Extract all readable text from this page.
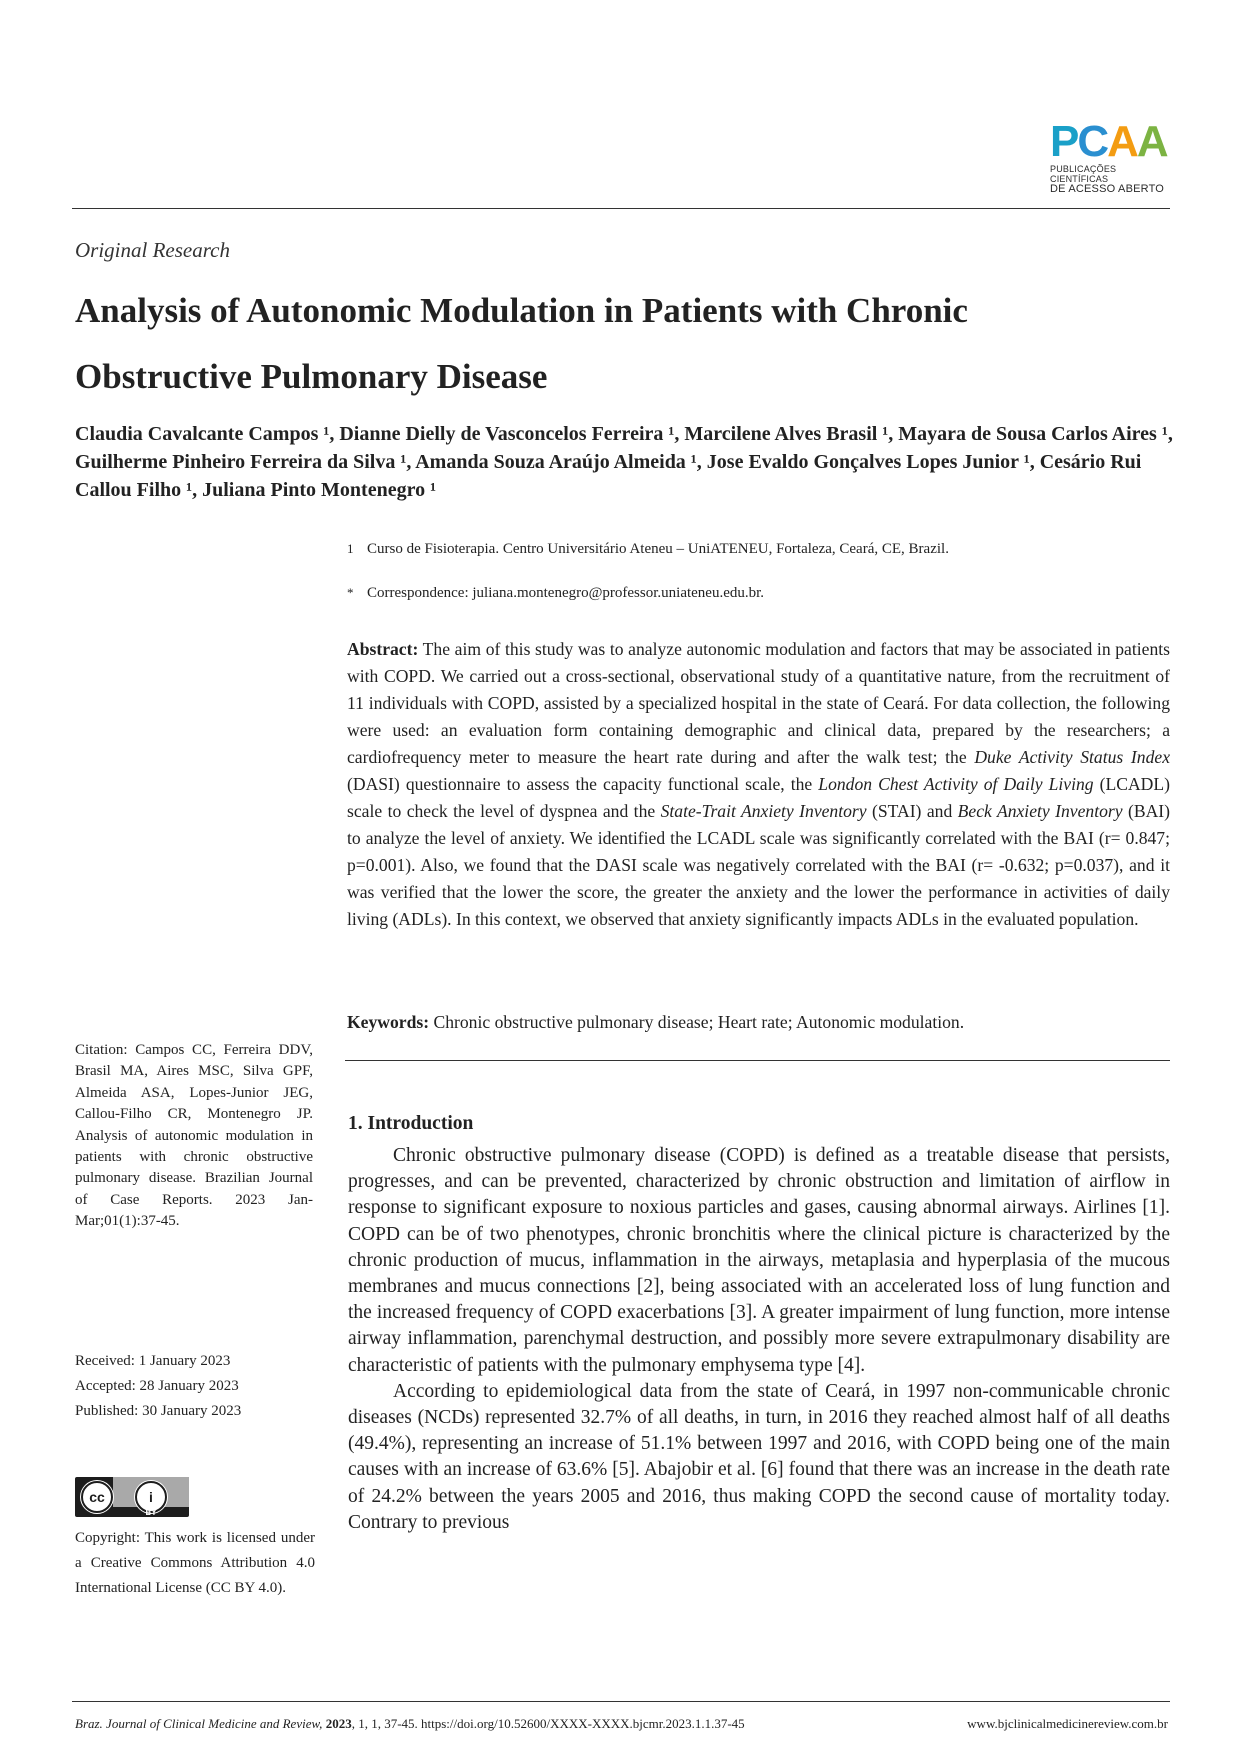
PCAA
PUBLICAÇÕES CIENTÍFICAS
DE ACESSO ABERTO
Original Research
Analysis of Autonomic Modulation in Patients with Chronic
Obstructive Pulmonary Disease
Claudia Cavalcante Campos ¹, Dianne Dielly de Vasconcelos Ferreira ¹, Marcilene Alves Brasil ¹, Mayara de Sousa Carlos Aires ¹, Guilherme Pinheiro Ferreira da Silva ¹, Amanda Souza Araújo Almeida ¹, Jose Evaldo Gonçalves Lopes Junior ¹, Cesário Rui Callou Filho ¹, Juliana Pinto Montenegro ¹
1 Curso de Fisioterapia. Centro Universitário Ateneu – UniATENEU, Fortaleza, Ceará, CE, Brazil.
* Correspondence: juliana.montenegro@professor.uniateneu.edu.br.
Abstract: The aim of this study was to analyze autonomic modulation and factors that may be associated in patients with COPD. We carried out a cross-sectional, observational study of a quantitative nature, from the recruitment of 11 individuals with COPD, assisted by a specialized hospital in the state of Ceará. For data collection, the following were used: an evaluation form containing demographic and clinical data, prepared by the researchers; a cardiofrequency meter to measure the heart rate during and after the walk test; the Duke Activity Status Index (DASI) questionnaire to assess the capacity functional scale, the London Chest Activity of Daily Living (LCADL) scale to check the level of dyspnea and the State-Trait Anxiety Inventory (STAI) and Beck Anxiety Inventory (BAI) to analyze the level of anxiety. We identified the LCADL scale was significantly correlated with the BAI (r= 0.847; p=0.001). Also, we found that the DASI scale was negatively correlated with the BAI (r= -0.632; p=0.037), and it was verified that the lower the score, the greater the anxiety and the lower the performance in activities of daily living (ADLs). In this context, we observed that anxiety significantly impacts ADLs in the evaluated population.
Keywords: Chronic obstructive pulmonary disease; Heart rate; Autonomic modulation.
Citation: Campos CC, Ferreira DDV, Brasil MA, Aires MSC, Silva GPF, Almeida ASA, Lopes-Junior JEG, Callou-Filho CR, Montenegro JP. Analysis of autonomic modulation in patients with chronic obstructive pulmonary disease. Brazilian Journal of Case Reports. 2023 Jan-Mar;01(1):37-45.
Received: 1 January 2023
Accepted: 28 January 2023
Published: 30 January 2023
cc	i
BY
Copyright: This work is licensed under a Creative Commons Attribution 4.0 International License (CC BY 4.0).
1. Introduction

Chronic obstructive pulmonary disease (COPD) is defined as a treatable disease that persists, progresses, and can be prevented, characterized by chronic obstruction and limitation of airflow in response to significant exposure to noxious particles and gases, causing abnormal airways. Airlines [1]. COPD can be of two phenotypes, chronic bronchitis where the clinical picture is characterized by the chronic production of mucus, inflammation in the airways, metaplasia and hyperplasia of the mucous membranes and mucus connections [2], being associated with an accelerated loss of lung function and the increased frequency of COPD exacerbations [3]. A greater impairment of lung function, more intense airway inflammation, parenchymal destruction, and possibly more severe extrapulmonary disability are characteristic of patients with the pulmonary emphysema type [4].

According to epidemiological data from the state of Ceará, in 1997 non-communicable chronic diseases (NCDs) represented 32.7% of all deaths, in turn, in 2016 they reached almost half of all deaths (49.4%), representing an increase of 51.1% between 1997 and 2016, with COPD being one of the main causes with an increase of 63.6% [5]. Abajobir et al. [6] found that there was an increase in the death rate of 24.2% between the years 2005 and 2016, thus making COPD the second cause of mortality today. Contrary to previous

Braz. Journal of Clinical Medicine and Review, 2023, 1, 1, 37-45. https://doi.org/10.52600/XXXX-XXXX.bjcmr.2023.1.1.37-45	www.bjclinicalmedicinereview.com.br
